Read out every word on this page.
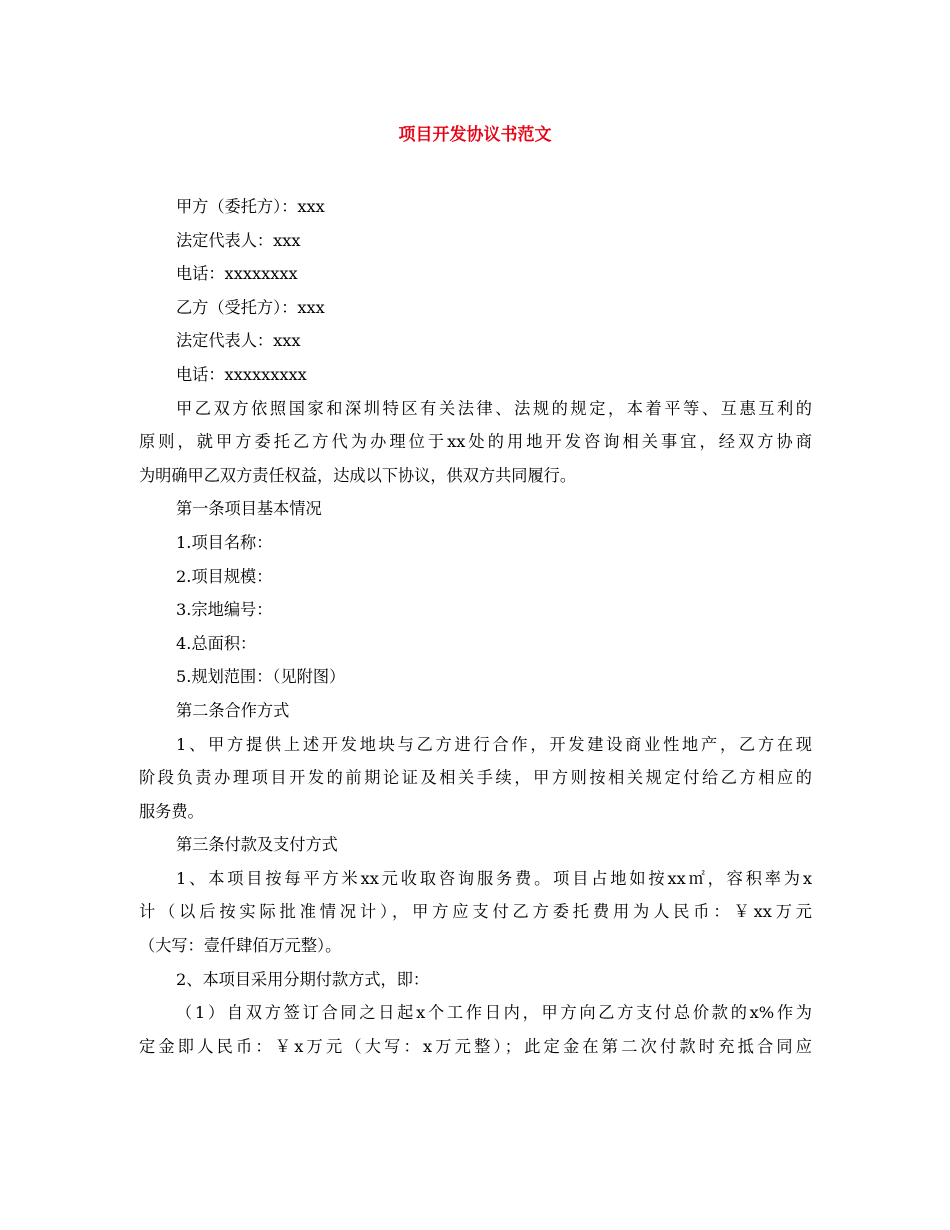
项目开发协议书范文
甲方（委托方）：xxx
法定代表人：xxx
电话：xxxxxxxx
乙方（受托方）：xxx
法定代表人：xxx
电话：xxxxxxxxx
甲乙双方依照国家和深圳特区有关法律、法规的规定，本着平等、互惠互利的
原则，就甲方委托乙方代为办理位于xx处的用地开发咨询相关事宜，经双方协商
为明确甲乙双方责任权益，达成以下协议，供双方共同履行。
第一条项目基本情况
1.项目名称：
2.项目规模：
3.宗地编号：
4.总面积：
5.规划范围：（见附图）
第二条合作方式
1、甲方提供上述开发地块与乙方进行合作，开发建设商业性地产，乙方在现
阶段负责办理项目开发的前期论证及相关手续，甲方则按相关规定付给乙方相应的
服务费。
第三条付款及支付方式
1、本项目按每平方米xx元收取咨询服务费。项目占地如按xx㎡，容积率为x
计（以后按实际批准情况计），甲方应支付乙方委托费用为人民币：￥xx万元
（大写：壹仟肆佰万元整）。
2、本项目采用分期付款方式，即：
（1）自双方签订合同之日起x个工作日内，甲方向乙方支付总价款的x%作为
定金即人民币：￥x万元（大写：x万元整）；此定金在第二次付款时充抵合同应
